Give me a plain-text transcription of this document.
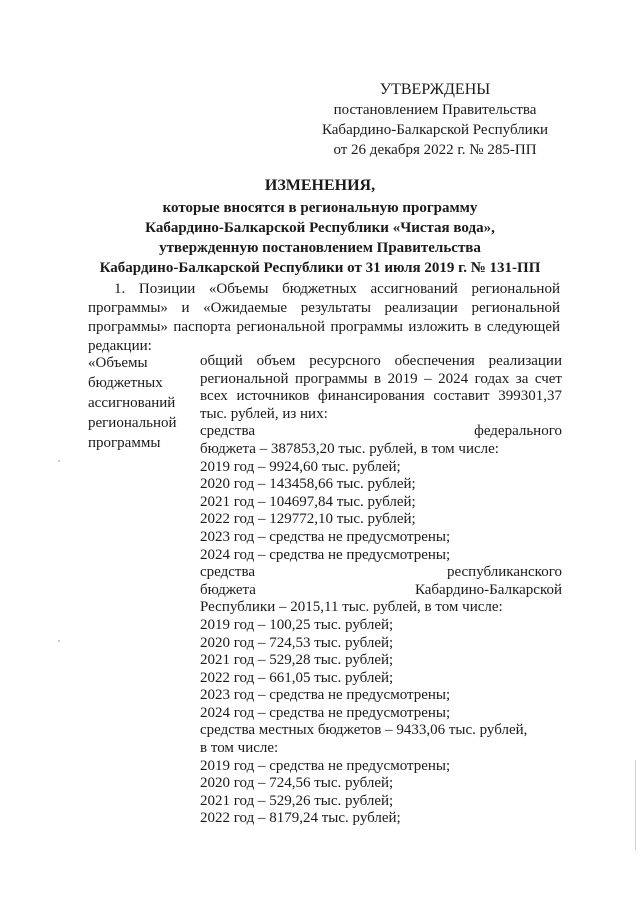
УТВЕРЖДЕНЫ
постановлением Правительства
Кабардино-Балкарской Республики
от 26 декабря 2022 г. № 285-ПП
ИЗМЕНЕНИЯ,
которые вносятся в региональную программу
Кабардино-Балкарской Республики «Чистая вода»,
утвержденную постановлением Правительства
Кабардино-Балкарской Республики от 31 июля 2019 г. № 131-ПП

1. Позиции «Объемы бюджетных ассигнований региональной программы» и «Ожидаемые результаты реализации региональной программы» паспорта региональной программы изложить в следующей редакции:

«Объемы
бюджетных
ассигнований
региональной
программы
общий объем ресурсного обеспечения реализации региональной программы в 2019 – 2024 годах за счет всех источников финансирования составит 399301,37 тыс. рублей, из них:
средства федерального
бюджета – 387853,20 тыс. рублей, в том числе:
2019 год – 9924,60 тыс. рублей;
2020 год – 143458,66 тыс. рублей;
2021 год – 104697,84 тыс. рублей;
2022 год – 129772,10 тыс. рублей;
2023 год – средства не предусмотрены;
2024 год – средства не предусмотрены;
средства республиканского
бюджета Кабардино-Балкарской
Республики – 2015,11 тыс. рублей, в том числе:
2019 год – 100,25 тыс. рублей;
2020 год – 724,53 тыс. рублей;
2021 год – 529,28 тыс. рублей;
2022 год – 661,05 тыс. рублей;
2023 год – средства не предусмотрены;
2024 год – средства не предусмотрены;
средства местных бюджетов – 9433,06 тыс. рублей,
в том числе:
2019 год – средства не предусмотрены;
2020 год – 724,56 тыс. рублей;
2021 год – 529,26 тыс. рублей;
2022 год – 8179,24 тыс. рублей;
